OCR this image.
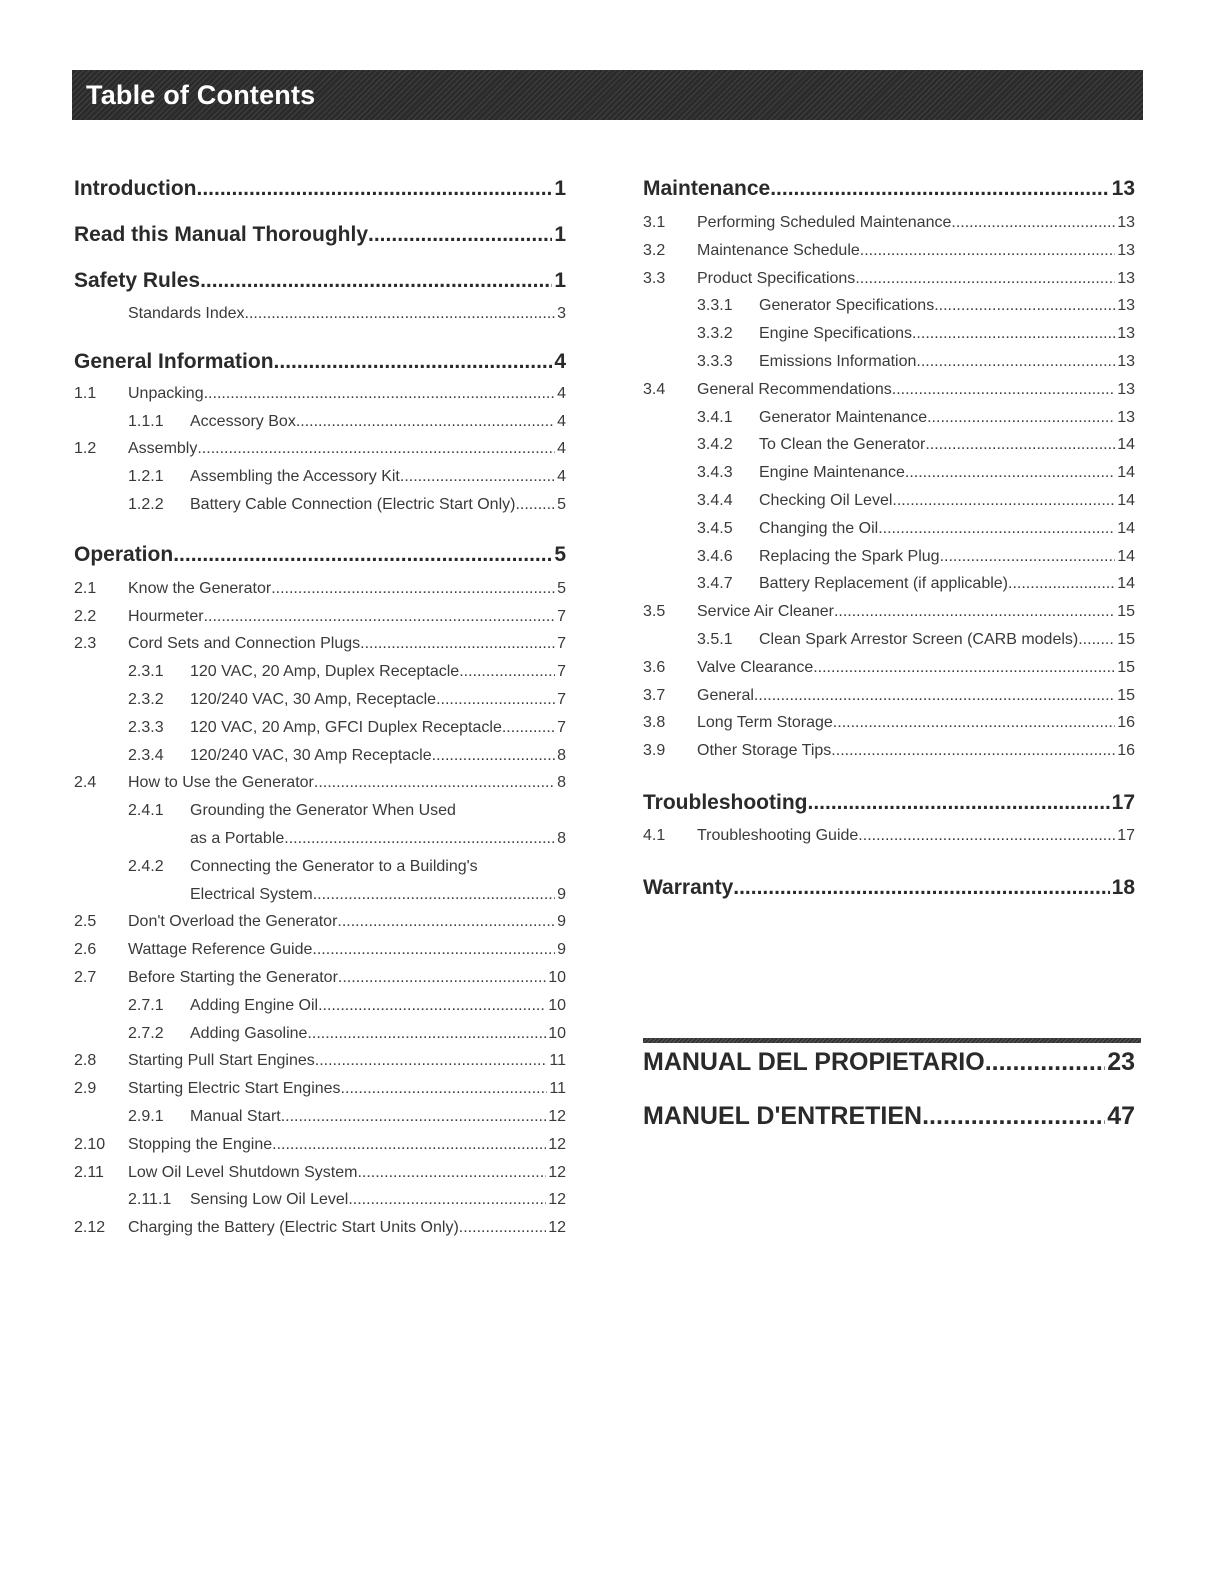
Table of Contents
Introduction .....	1
Read this Manual Thoroughly .....	1
Safety Rules .....	1
Standards Index .....	3
General Information .....	4
1.1	Unpacking .....	4
1.1.1	Accessory Box .....	4
1.2	Assembly .....	4
1.2.1	Assembling the Accessory Kit .....	4
1.2.2	Battery Cable Connection (Electric Start Only) .....	5
Operation .....	5
2.1	Know the Generator .....	5
2.2	Hourmeter .....	7
2.3	Cord Sets and Connection Plugs .....	7
2.3.1	120 VAC, 20 Amp, Duplex Receptacle .....	7
2.3.2	120/240 VAC, 30 Amp, Receptacle .....	7
2.3.3	120 VAC, 20 Amp, GFCI Duplex Receptacle .....	7
2.3.4	120/240 VAC, 30 Amp Receptacle .....	8
2.4	How to Use the Generator .....	8
2.4.1	Grounding the Generator When Used
as a Portable .....	8
2.4.2	Connecting the Generator to a Building's
Electrical System .....	9
2.5	Don't Overload the Generator .....	9
2.6	Wattage Reference Guide .....	9
2.7	Before Starting the Generator .....	10
2.7.1	Adding Engine Oil .....	10
2.7.2	Adding Gasoline .....	10
2.8	Starting Pull Start Engines .....	11
2.9	Starting Electric Start Engines .....	11
2.9.1	Manual Start .....	12
2.10	Stopping the Engine .....	12
2.11	Low Oil Level Shutdown System .....	12
2.11.1	Sensing Low Oil Level .....	12
2.12	Charging the Battery (Electric Start Units Only) .....	12
Maintenance .....	13
3.1	Performing Scheduled Maintenance .....	13
3.2	Maintenance Schedule .....	13
3.3	Product Specifications .....	13
3.3.1	Generator Specifications .....	13
3.3.2	Engine Specifications .....	13
3.3.3	Emissions Information .....	13
3.4	General Recommendations .....	13
3.4.1	Generator Maintenance .....	13
3.4.2	To Clean the Generator .....	14
3.4.3	Engine Maintenance .....	14
3.4.4	Checking Oil Level .....	14
3.4.5	Changing the Oil .....	14
3.4.6	Replacing the Spark Plug .....	14
3.4.7	Battery Replacement (if applicable) .....	14
3.5	Service Air Cleaner .....	15
3.5.1	Clean Spark Arrestor Screen (CARB models) ..... 15
3.6	Valve Clearance .....	15
3.7	General .....	15
3.8	Long Term Storage .....	16
3.9	Other Storage Tips .....	16
Troubleshooting .....	17
4.1	Troubleshooting Guide .....	17
Warranty .....	18
MANUAL DEL PROPIETARIO .....	23
MANUEL D'ENTRETIEN .....	47
